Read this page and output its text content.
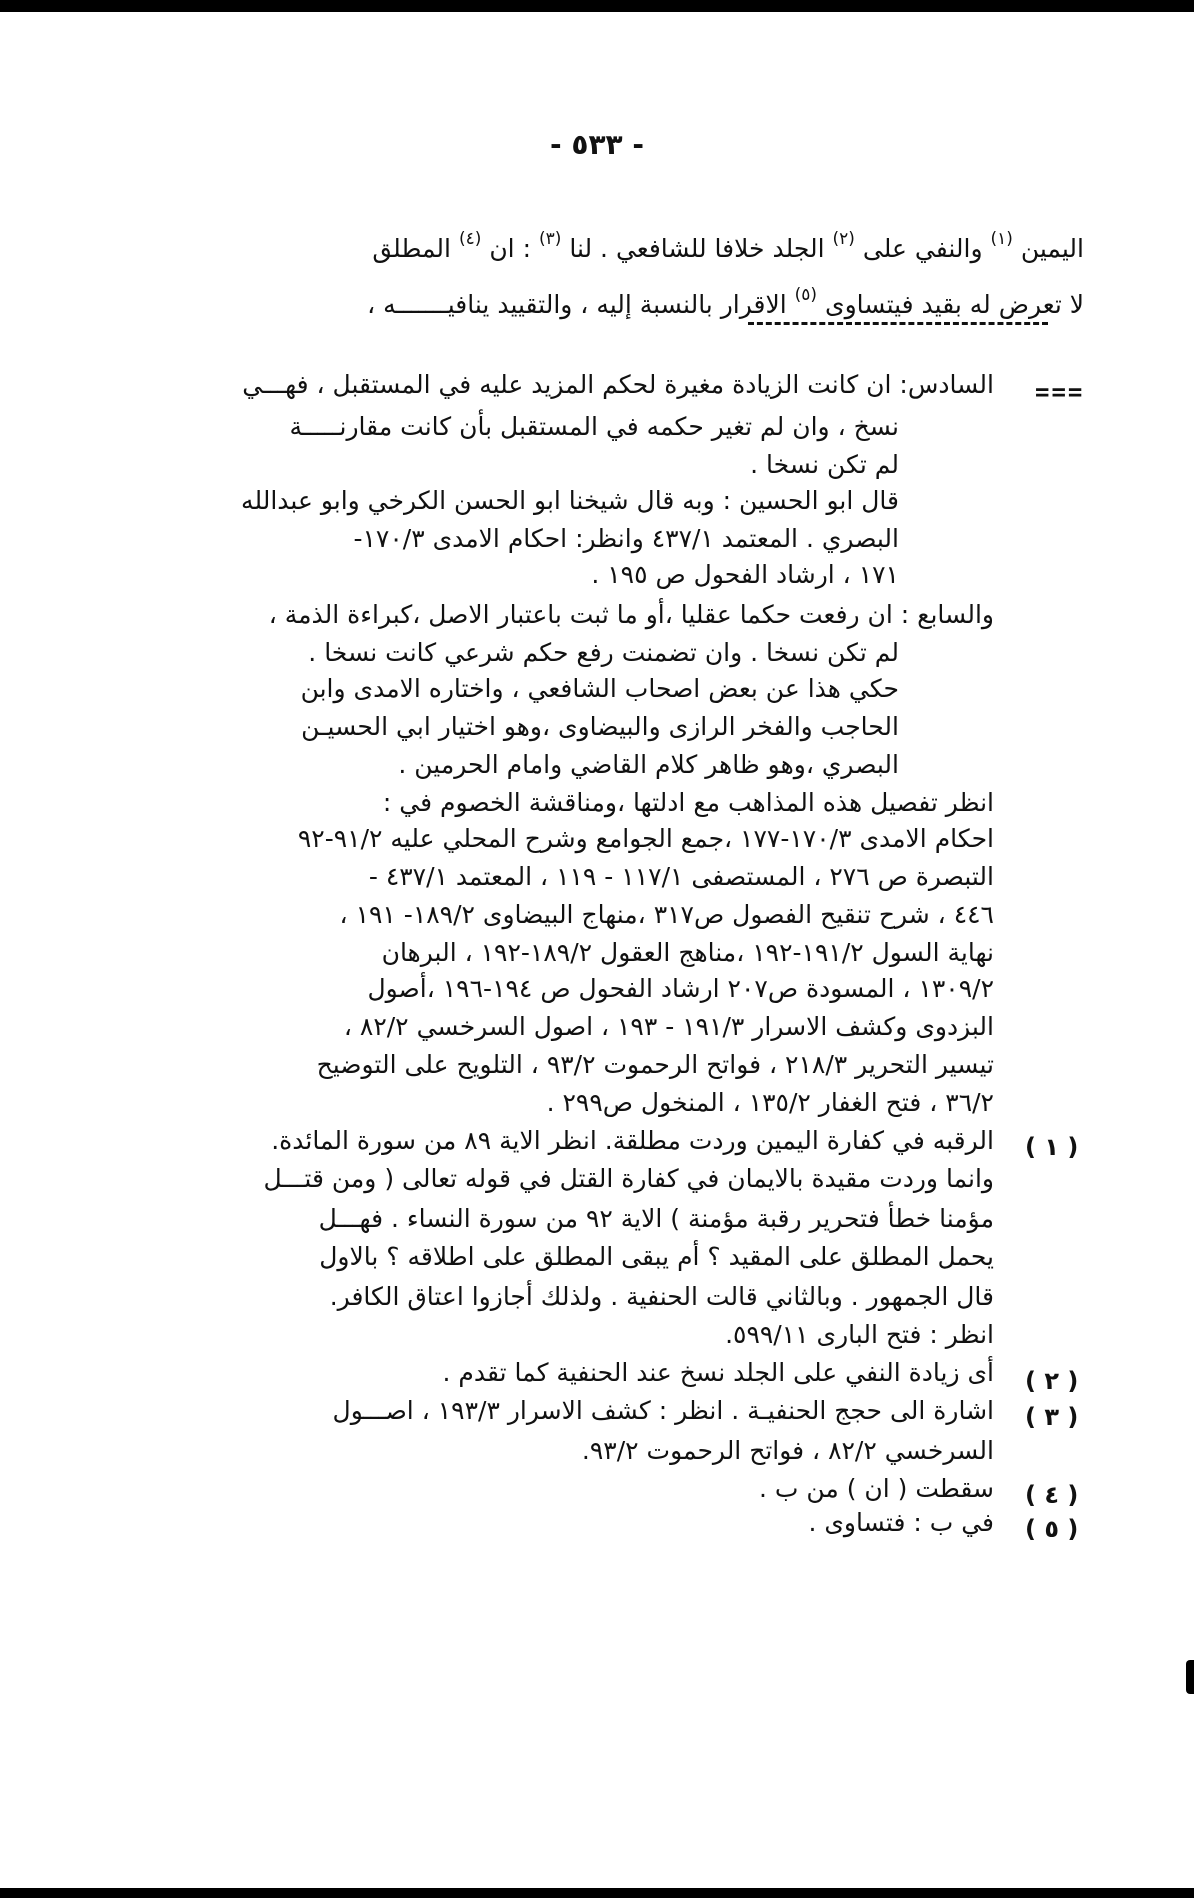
- ٥٣٣ -
اليمين $^{(١)}$ والنفي على $^{(٢)}$ الجلد خلافا للشافعي . لنا $^{(٣)}$ : ان $^{(٤)}$ المطلق
لا تعرض له بقيد فيتساوى $^{(٥)}$ الاقرار بالنسبة إليه ، والتقييد ينافيـــــــه ،
===
السادس: ان كانت الزيادة مغيرة لحكم المزيد عليه في المستقبل ، فهـــي
نسخ ، وان لم تغير حكمه في المستقبل بأن كانت مقارنـــــة
لم تكن نسخا .
قال ابو الحسين : وبه قال شيخنا ابو الحسن الكرخي وابو عبدالله
البصري . المعتمد ٤٣٧/١ وانظر: احكام الامدى ١٧٠/٣-
١٧١ ، ارشاد الفحول ص ١٩٥ .
والسابع : ان رفعت حكما عقليا ،أو ما ثبت باعتبار الاصل ،كبراءة الذمة ،
لم تكن نسخا . وان تضمنت رفع حكم شرعي كانت نسخا .
حكي هذا عن بعض اصحاب الشافعي ، واختاره الامدى وابن
الحاجب والفخر الرازى والبيضاوى ،وهو اختيار ابي الحسيـن
البصري ،وهو ظاهر كلام القاضي وامام الحرمين .
انظر تفصيل هذه المذاهب مع ادلتها ،ومناقشة الخصوم في :
احكام الامدى ١٧٠/٣-١٧٧ ،جمع الجوامع وشرح المحلي عليه ٩١/٢-٩٢
التبصرة ص ٢٧٦ ، المستصفى ١١٧/١ - ١١٩ ، المعتمد ٤٣٧/١ -
٤٤٦ ، شرح تنقيح الفصول ص٣١٧ ،منهاج البيضاوى ١٨٩/٢- ١٩١ ،
نهاية السول ١٩١/٢-١٩٢ ،مناهج العقول ١٨٩/٢-١٩٢ ، البرهان
١٣٠٩/٢ ، المسودة ص٢٠٧ ارشاد الفحول ص ١٩٤-١٩٦ ،أصول
البزدوى وكشف الاسرار ١٩١/٣ - ١٩٣ ، اصول السرخسي ٨٢/٢ ،
تيسير التحرير ٢١٨/٣ ، فواتح الرحموت ٩٣/٢ ، التلويح على التوضيح
٣٦/٢ ، فتح الغفار ١٣٥/٢ ، المنخول ص٢٩٩ .
( ١ )
الرقبه في كفارة اليمين وردت مطلقة. انظر الاية ٨٩ من سورة المائدة.
وانما وردت مقيدة بالايمان في كفارة القتل في قوله تعالى ( ومن قتـــل
مؤمنا خطأ فتحرير رقبة مؤمنة ) الاية ٩٢ من سورة النساء . فهـــل
يحمل المطلق على المقيد ؟ أم يبقى المطلق على اطلاقه ؟ بالاول
قال الجمهور . وبالثاني قالت الحنفية . ولذلك أجازوا اعتاق الكافر.
انظر : فتح البارى ٥٩٩/١١.
( ٢ )
أى زيادة النفي على الجلد نسخ عند الحنفية كما تقدم .
( ٣ )
اشارة الى حجج الحنفيـة . انظر : كشف الاسرار ١٩٣/٣ ، اصـــول
السرخسي ٨٢/٢ ، فواتح الرحموت ٩٣/٢.
( ٤ )
سقطت ( ان ) من ب .
( ٥ )
في ب : فتساوى .
